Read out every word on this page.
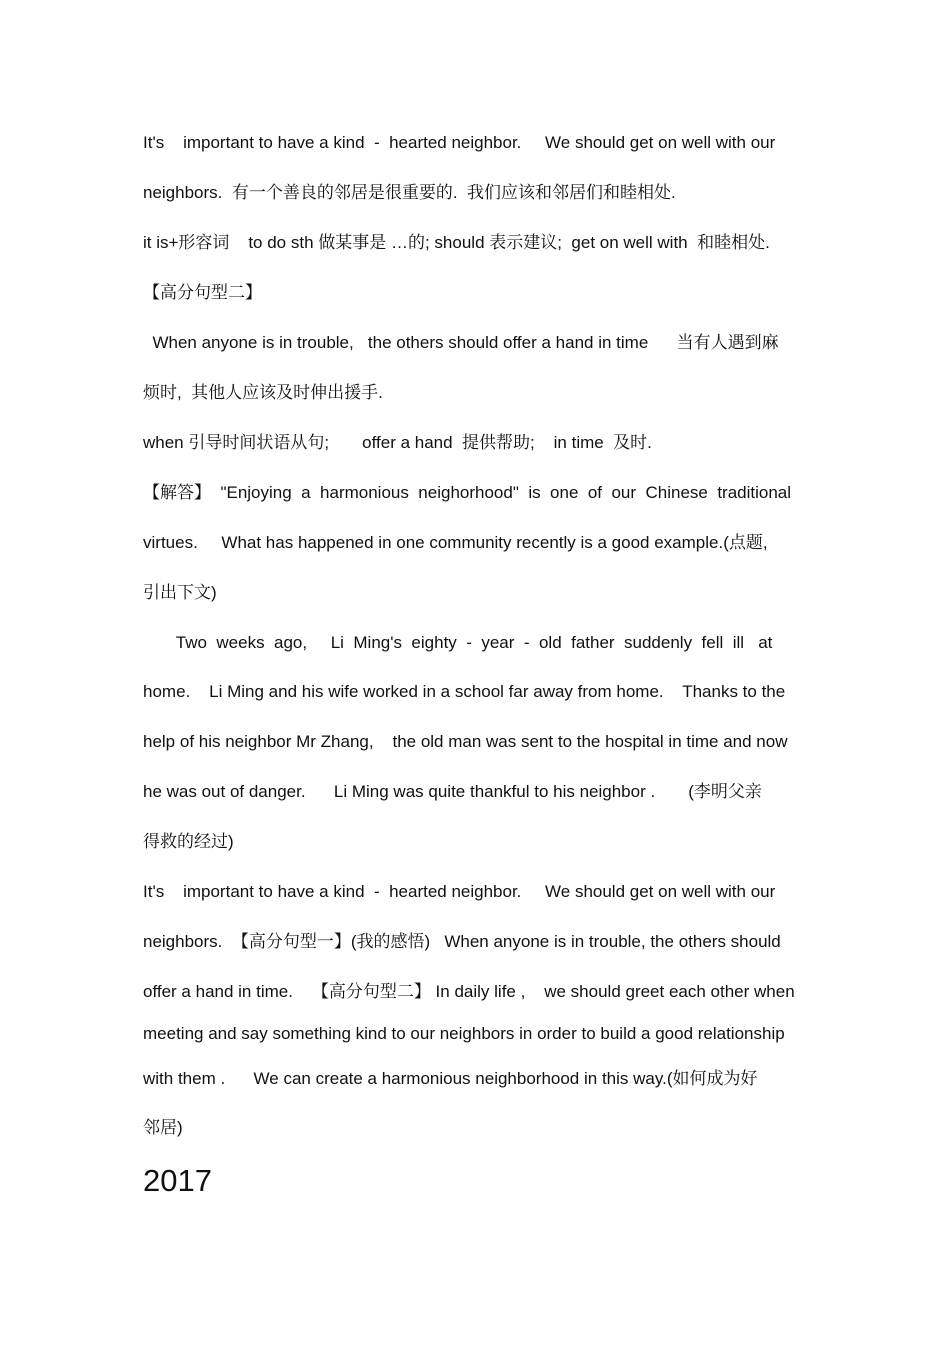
It's    important to have a kind  -  hearted neighbor.     We should get on well with our
neighbors.  有一个善良的邻居是很重要的.  我们应该和邻居们和睦相处.
it is+形容词    to do sth 做某事是 …的; should 表示建议;  get on well with  和睦相处.
【高分句型二】
When anyone is in trouble,   the others should offer a hand in time      当有人遇到麻
烦时,  其他人应该及时伸出援手.
when 引导时间状语从句;       offer a hand  提供帮助;    in time  及时.
【解答】  "Enjoying  a  harmonious  neighorhood"  is  one  of  our  Chinese  traditional
virtues.     What has happened in one community recently is a good example.(点题,
引出下文)
Two  weeks  ago,     Li  Ming's  eighty  -  year  -  old  father  suddenly  fell  ill   at
home.    Li Ming and his wife worked in a school far away from home.    Thanks to the
help of his neighbor Mr Zhang,    the old man was sent to the hospital in time and now
he was out of danger.      Li Ming was quite thankful to his neighbor .       (李明父亲
得救的经过)
It's    important to have a kind  -  hearted neighbor.     We should get on well with our
neighbors.  【高分句型一】(我的感悟)   When anyone is in trouble, the others should
offer a hand in time.    【高分句型二】 In daily life ,    we should greet each other when
meeting and say something kind to our neighbors in order to build a good relationship
with them .      We can create a harmonious neighborhood in this way.(如何成为好
邻居)
2017
